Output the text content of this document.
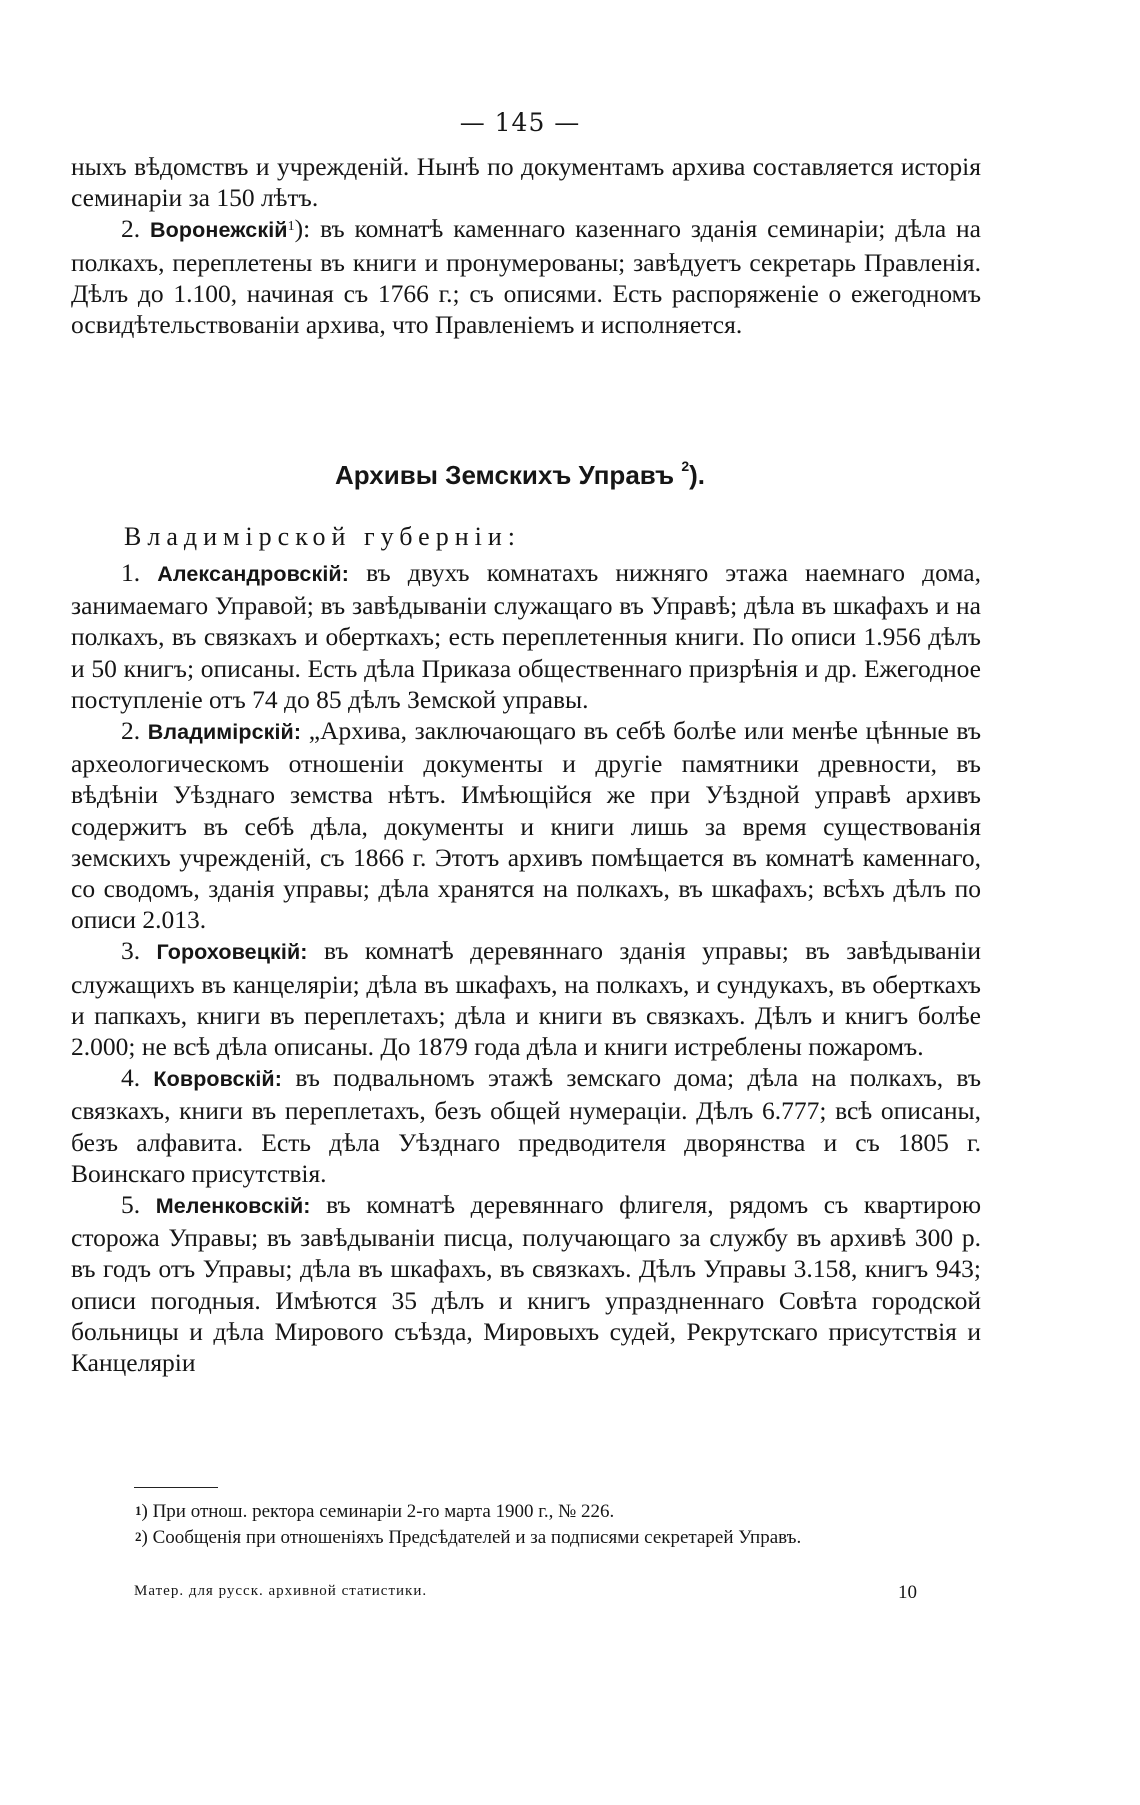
— 145 —

ныхъ вѣдомствъ и учрежденій. Нынѣ по документамъ архива составляется исторія семинаріи за 150 лѣтъ.

2. Воронежскій$^1$): въ комнатѣ каменнаго казеннаго зданія семинаріи; дѣла на полкахъ, переплетены въ книги и пронумерованы; завѣдуетъ секретарь Правленія. Дѣлъ до 1.100, начиная съ 1766 г.; съ описями. Есть распоряженіе о ежегодномъ освидѣтельствованіи архива, что Правленіемъ и исполняется.

Архивы Земскихъ Управъ $^2$).
Владимірской губерніи:

1. Александровскій: въ двухъ комнатахъ нижняго этажа наемнаго дома, занимаемаго Управой; въ завѣдываніи служащаго въ Управѣ; дѣла въ шкафахъ и на полкахъ, въ связкахъ и оберткахъ; есть переплетенныя книги. По описи 1.956 дѣлъ и 50 книгъ; описаны. Есть дѣла Приказа общественнаго призрѣнія и др. Ежегодное поступленіе отъ 74 до 85 дѣлъ Земской управы.

2. Владимірскій: „Архива, заключающаго въ себѣ болѣе или менѣе цѣнные въ археологическомъ отношеніи документы и другіе памятники древности, въ вѣдѣніи Уѣзднаго земства нѣтъ. Имѣющійся же при Уѣздной управѣ архивъ содержитъ въ себѣ дѣла, документы и книги лишь за время существованія земскихъ учрежденій, съ 1866 г. Этотъ архивъ помѣщается въ комнатѣ каменнаго, со сводомъ, зданія управы; дѣла хранятся на полкахъ, въ шкафахъ; всѣхъ дѣлъ по описи 2.013.

3. Гороховецкій: въ комнатѣ деревяннаго зданія управы; въ завѣдываніи служащихъ въ канцеляріи; дѣла въ шкафахъ, на полкахъ, и сундукахъ, въ оберткахъ и папкахъ, книги въ переплетахъ; дѣла и книги въ связкахъ. Дѣлъ и книгъ болѣе 2.000; не всѣ дѣла описаны. До 1879 года дѣла и книги истреблены пожаромъ.

4. Ковровскій: въ подвальномъ этажѣ земскаго дома; дѣла на полкахъ, въ связкахъ, книги въ переплетахъ, безъ общей нумераціи. Дѣлъ 6.777; всѣ описаны, безъ алфавита. Есть дѣла Уѣзднаго предводителя дворянства и съ 1805 г. Воинскаго присутствія.

5. Меленковскій: въ комнатѣ деревяннаго флигеля, рядомъ съ квартирою сторожа Управы; въ завѣдываніи писца, получающаго за службу въ архивѣ 300 р. въ годъ отъ Управы; дѣла въ шкафахъ, въ связкахъ. Дѣлъ Управы 3.158, книгъ 943; описи погодныя. Имѣются 35 дѣлъ и книгъ упраздненнаго Совѣта городской больницы и дѣла Мирового съѣзда, Мировыхъ судей, Рекрутскаго присутствія и Канцеляріи

$^1$) При отнош. ректора семинаріи 2-го марта 1900 г., № 226.

$^2$) Сообщенія при отношеніяхъ Предсѣдателей и за подписями секретарей Управъ.

Матер. для русск. архивной статистики.	10
